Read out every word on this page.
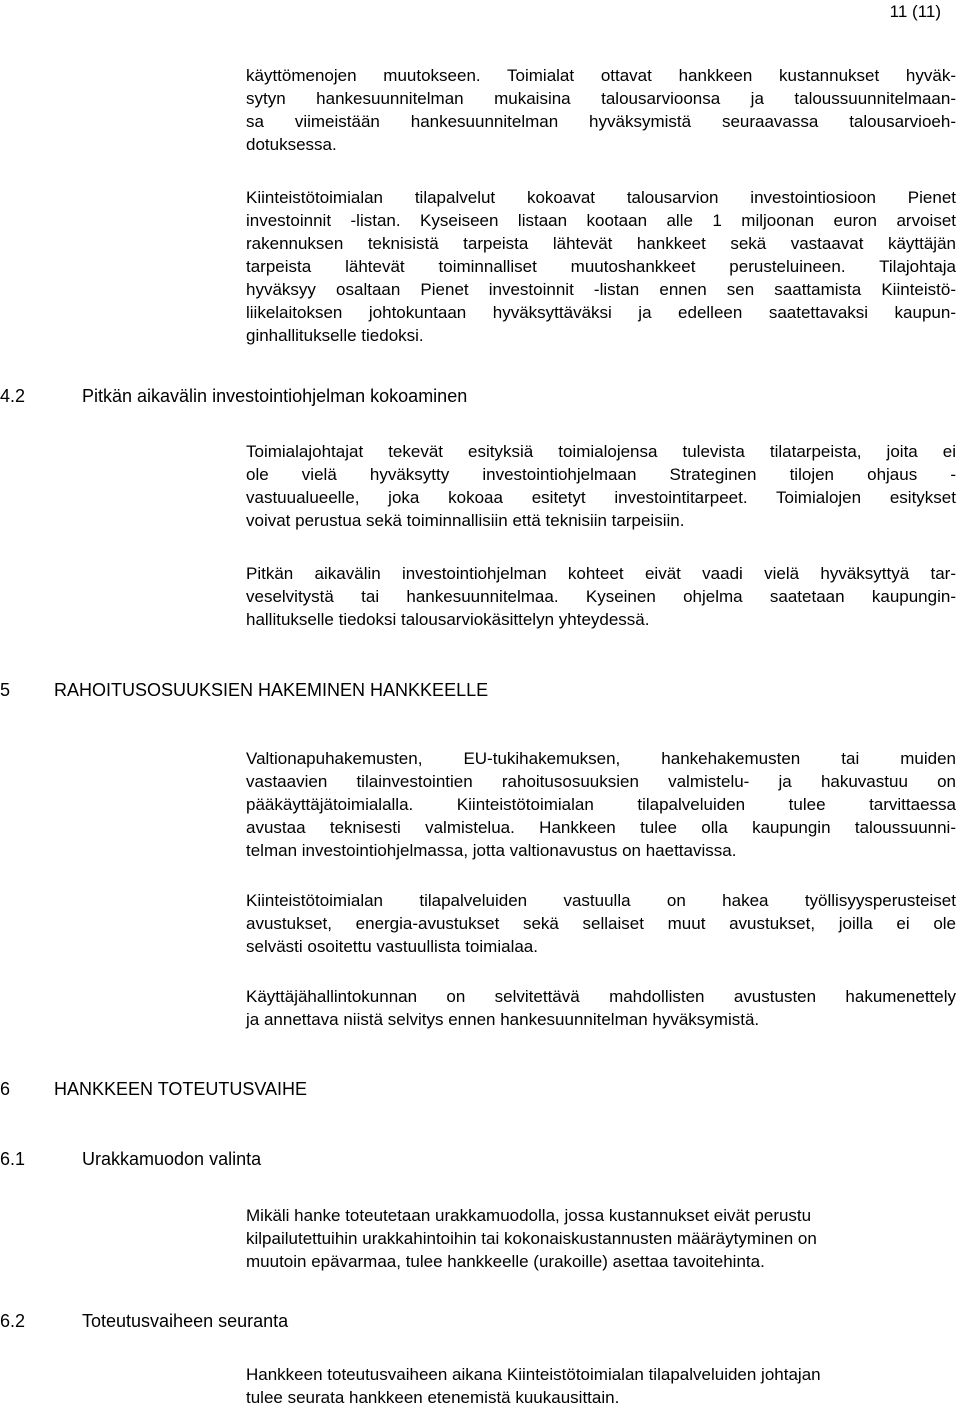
11 (11)
käyttömenojen muutokseen. Toimialat ottavat hankkeen kustannukset hyväk-
sytyn hankesuunnitelman mukaisina talousarvioonsa ja taloussuunnitelmaan-
sa viimeistään hankesuunnitelman hyväksymistä seuraavassa talousarvioeh-
dotuksessa.
Kiinteistötoimialan tilapalvelut kokoavat talousarvion investointiosioon Pienet
investoinnit -listan. Kyseiseen listaan kootaan alle 1 miljoonan euron arvoiset
rakennuksen teknisistä tarpeista lähtevät hankkeet sekä vastaavat käyttäjän
tarpeista lähtevät toiminnalliset muutoshankkeet perusteluineen. Tilajohtaja
hyväksyy osaltaan Pienet investoinnit -listan ennen sen saattamista Kiinteistö-
liikelaitoksen johtokuntaan hyväksyttäväksi ja edelleen saatettavaksi kaupun-
ginhallitukselle tiedoksi.
4.2	Pitkän aikavälin investointiohjelman kokoaminen
Toimialajohtajat tekevät esityksiä toimialojensa tulevista tilatarpeista, joita ei
ole vielä hyväksytty investointiohjelmaan Strateginen tilojen ohjaus -
vastuualueelle, joka kokoaa esitetyt investointitarpeet. Toimialojen esitykset
voivat perustua sekä toiminnallisiin että teknisiin tarpeisiin.
Pitkän aikavälin investointiohjelman kohteet eivät vaadi vielä hyväksyttyä tar-
veselvitystä tai hankesuunnitelmaa. Kyseinen ohjelma saatetaan kaupungin-
hallitukselle tiedoksi talousarviokäsittelyn yhteydessä.
5 RAHOITUSOSUUKSIEN HAKEMINEN HANKKEELLE
Valtionapuhakemusten, EU-tukihakemuksen, hankehakemusten tai muiden
vastaavien tilainvestointien rahoitusosuuksien valmistelu- ja hakuvastuu on
pääkäyttäjätoimialalla. Kiinteistötoimialan tilapalveluiden tulee tarvittaessa
avustaa teknisesti valmistelua. Hankkeen tulee olla kaupungin taloussuunni-
telman investointiohjelmassa, jotta valtionavustus on haettavissa.
Kiinteistötoimialan tilapalveluiden vastuulla on hakea työllisyysperusteiset
avustukset, energia-avustukset sekä sellaiset muut avustukset, joilla ei ole
selvästi osoitettu vastuullista toimialaa.
Käyttäjähallintokunnan on selvitettävä mahdollisten avustusten hakumenettely
ja annettava niistä selvitys ennen hankesuunnitelman hyväksymistä.
6 HANKKEEN TOTEUTUSVAIHE
6.1	Urakkamuodon valinta
Mikäli hanke toteutetaan urakkamuodolla, jossa kustannukset eivät perustu
kilpailutettuihin urakkahintoihin tai kokonaiskustannusten määräytyminen on
muutoin epävarmaa, tulee hankkeelle (urakoille) asettaa tavoitehinta.
6.2	Toteutusvaiheen seuranta
Hankkeen toteutusvaiheen aikana Kiinteistötoimialan tilapalveluiden johtajan
tulee seurata hankkeen etenemistä kuukausittain.
